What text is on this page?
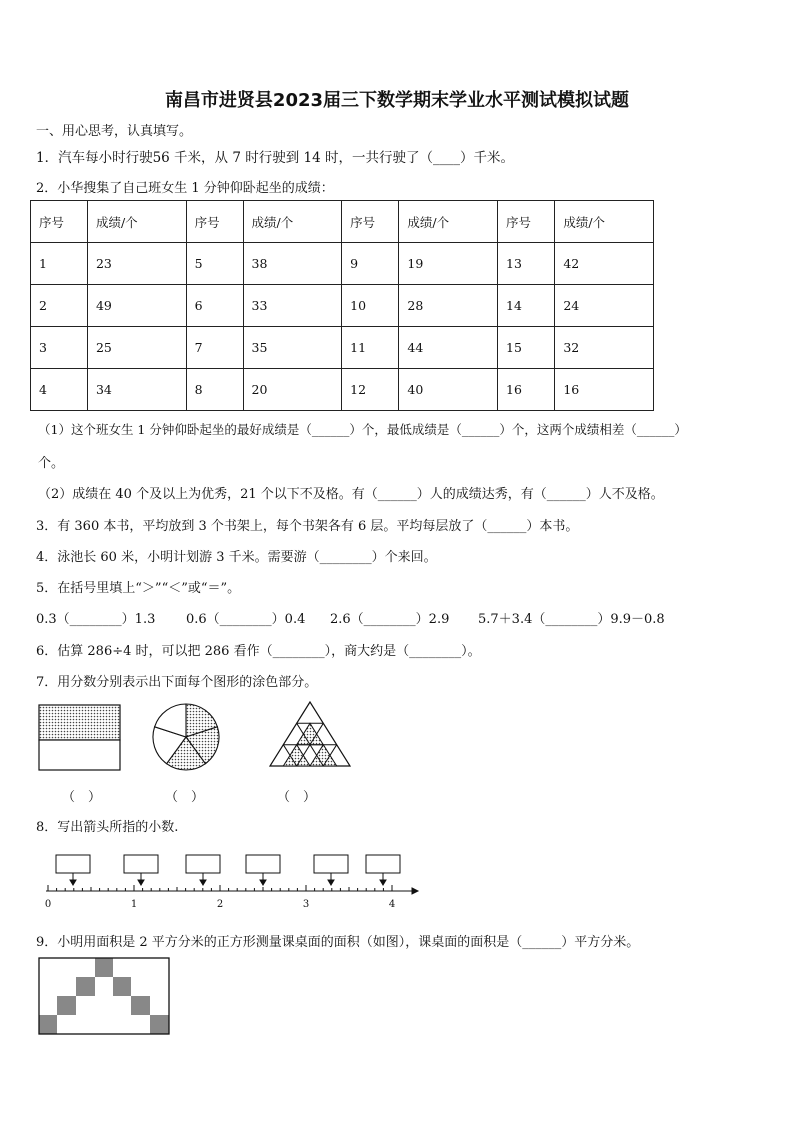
南昌市进贤县2023届三下数学期末学业水平测试模拟试题
一、用心思考，认真填写。
1．汽车每小时行驶56 千米，从 7 时行驶到 14 时，一共行驶了（____）千米。
2．小华搜集了自己班女生 1 分钟仰卧起坐的成绩：
序号	成绩/个	序号	成绩/个	序号	成绩/个	序号	成绩/个
1	23	5	38	9	19	13	42
2	49	6	33	10	28	14	24
3	25	7	35	11	44	15	32
4	34	8	20	12	40	16	16
（1）这个班女生 1 分钟仰卧起坐的最好成绩是（______）个，最低成绩是（______）个，这两个成绩相差（______）
个。
（2）成绩在 40 个及以上为优秀，21 个以下不及格。有（______）人的成绩达秀，有（______）人不及格。
3．有 360 本书，平均放到 3 个书架上，每个书架各有 6 层。平均每层放了（______）本书。
4．泳池长 60 米，小明计划游 3 千米。需要游（________）个来回。
5．在括号里填上“＞”“＜”或“＝”。
0.3（________）1.3 0.6（________）0.4 2.6（________）2.9 5.7＋3.4（________）9.9－0.8
6．估算 286÷4 时，可以把 286 看作（________），商大约是（________）。
7．用分数分别表示出下面每个图形的涂色部分。
（　）	（　）	（　）
8．写出箭头所指的小数.
0	1	2	3	4
9．小明用面积是 2 平方分米的正方形测量课桌面的面积（如图），课桌面的面积是（______）平方分米。
